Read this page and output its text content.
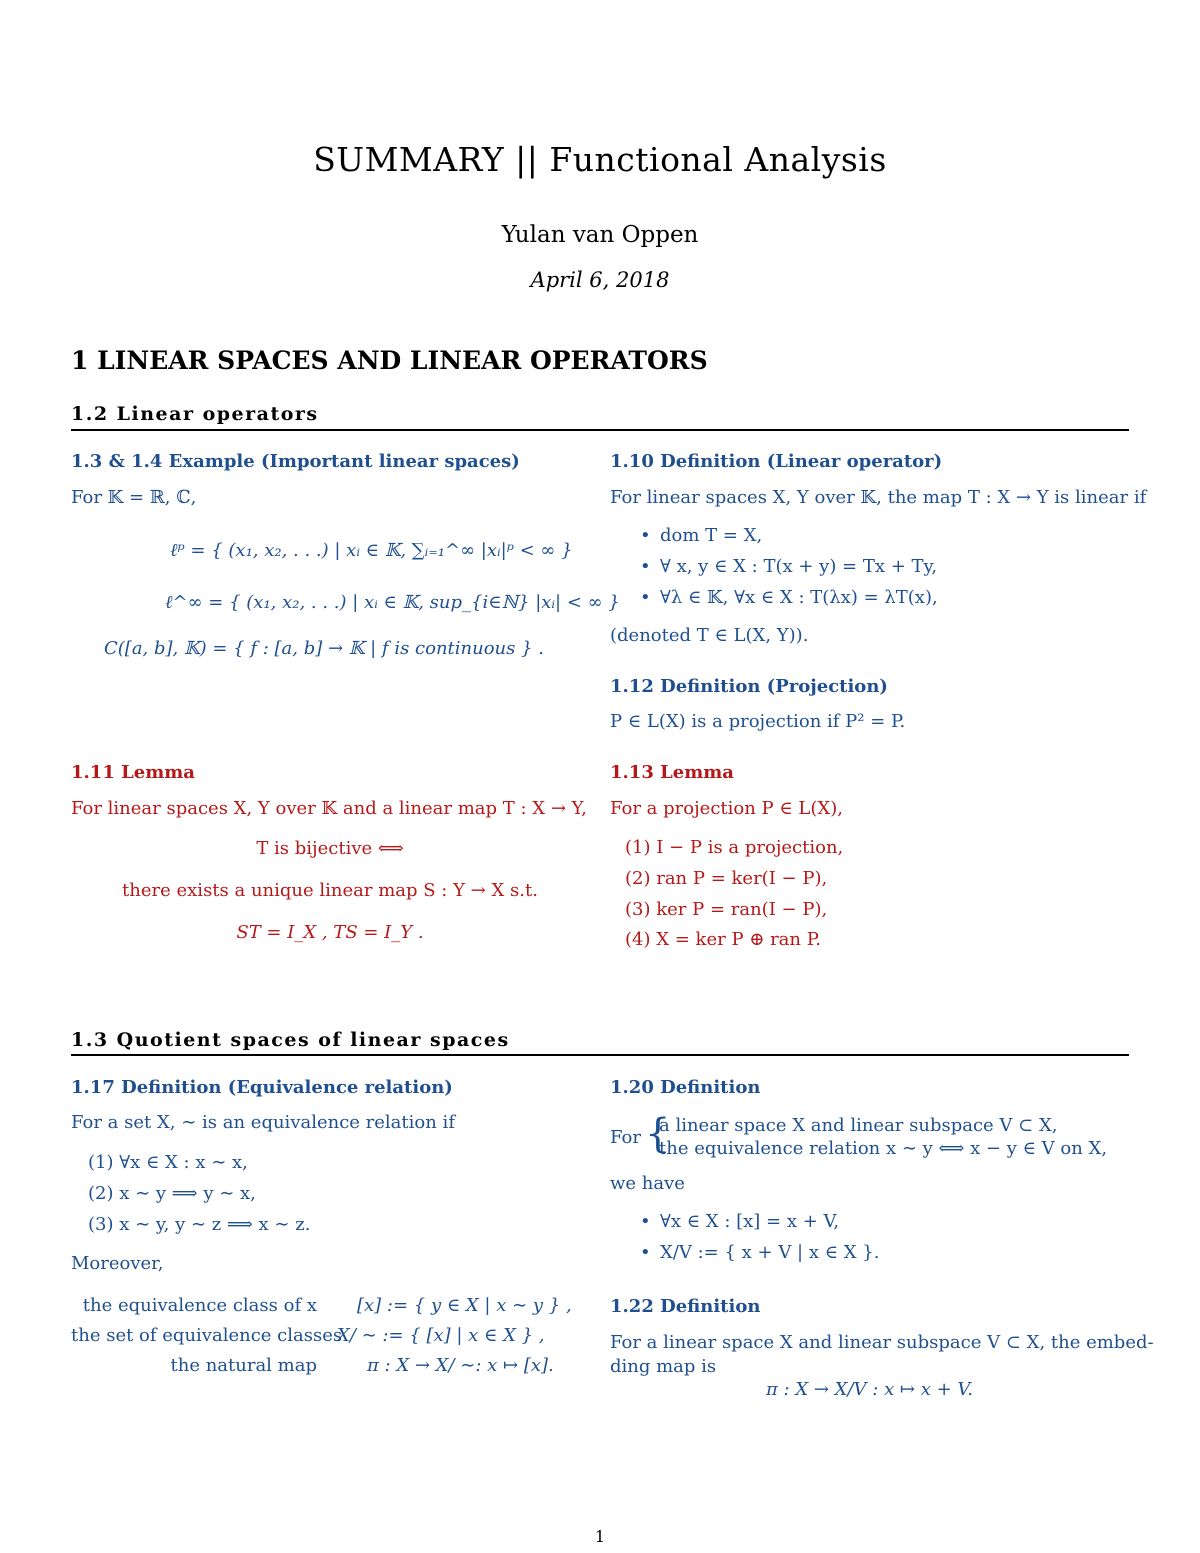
SUMMARY || Functional Analysis
Yulan van Oppen
April 6, 2018
1 LINEAR SPACES AND LINEAR OPERATORS
1.2 Linear operators
1.3 & 1.4 Example (Important linear spaces)
For 𝕂 = ℝ, ℂ,
ℓᵖ = { (x₁, x₂, . . .) | xᵢ ∈ 𝕂, ∑ᵢ₌₁^∞ |xᵢ|ᵖ < ∞ }
ℓ^∞ = { (x₁, x₂, . . .) | xᵢ ∈ 𝕂, sup_{i∈ℕ} |xᵢ| < ∞ }
C([a, b], 𝕂) = { f : [a, b] → 𝕂 | f is continuous } .
1.10 Definition (Linear operator)
For linear spaces X, Y over 𝕂, the map T : X → Y is linear if
• dom T = X,
• ∀ x, y ∈ X : T(x + y) = Tx + Ty,
• ∀λ ∈ 𝕂, ∀x ∈ X : T(λx) = λT(x),
(denoted T ∈ L(X, Y)).
1.12 Definition (Projection)
P ∈ L(X) is a projection if P² = P.
1.11 Lemma
For linear spaces X, Y over 𝕂 and a linear map T : X → Y,
T is bijective ⟺
there exists a unique linear map S : Y → X s.t.
ST = I_X , TS = I_Y .
1.13 Lemma
For a projection P ∈ L(X),
(1) I − P is a projection,
(2) ran P = ker(I − P),
(3) ker P = ran(I − P),
(4) X = ker P ⊕ ran P.
1.3 Quotient spaces of linear spaces
1.17 Definition (Equivalence relation)
For a set X, ∼ is an equivalence relation if
(1) ∀x ∈ X : x ∼ x,
(2) x ∼ y ⟹ y ∼ x,
(3) x ∼ y, y ∼ z ⟹ x ∼ z.
Moreover,
the equivalence class of x [x] := { y ∈ X | x ∼ y } ,
the set of equivalence classes
X/ ∼ := { [x] | x ∈ X } ,
the natural map	π : X → X/ ∼: x ↦ [x].
1.20 Definition
For {
a linear space X and linear subspace V ⊂ X,
the equivalence relation x ∼ y ⟺ x − y ∈ V on X,
we have
• ∀x ∈ X : [x] = x + V,
• X/V := { x + V | x ∈ X }.
1.22 Definition
For a linear space X and linear subspace V ⊂ X, the embed-
ding map is
π : X → X/V : x ↦ x + V.
1
